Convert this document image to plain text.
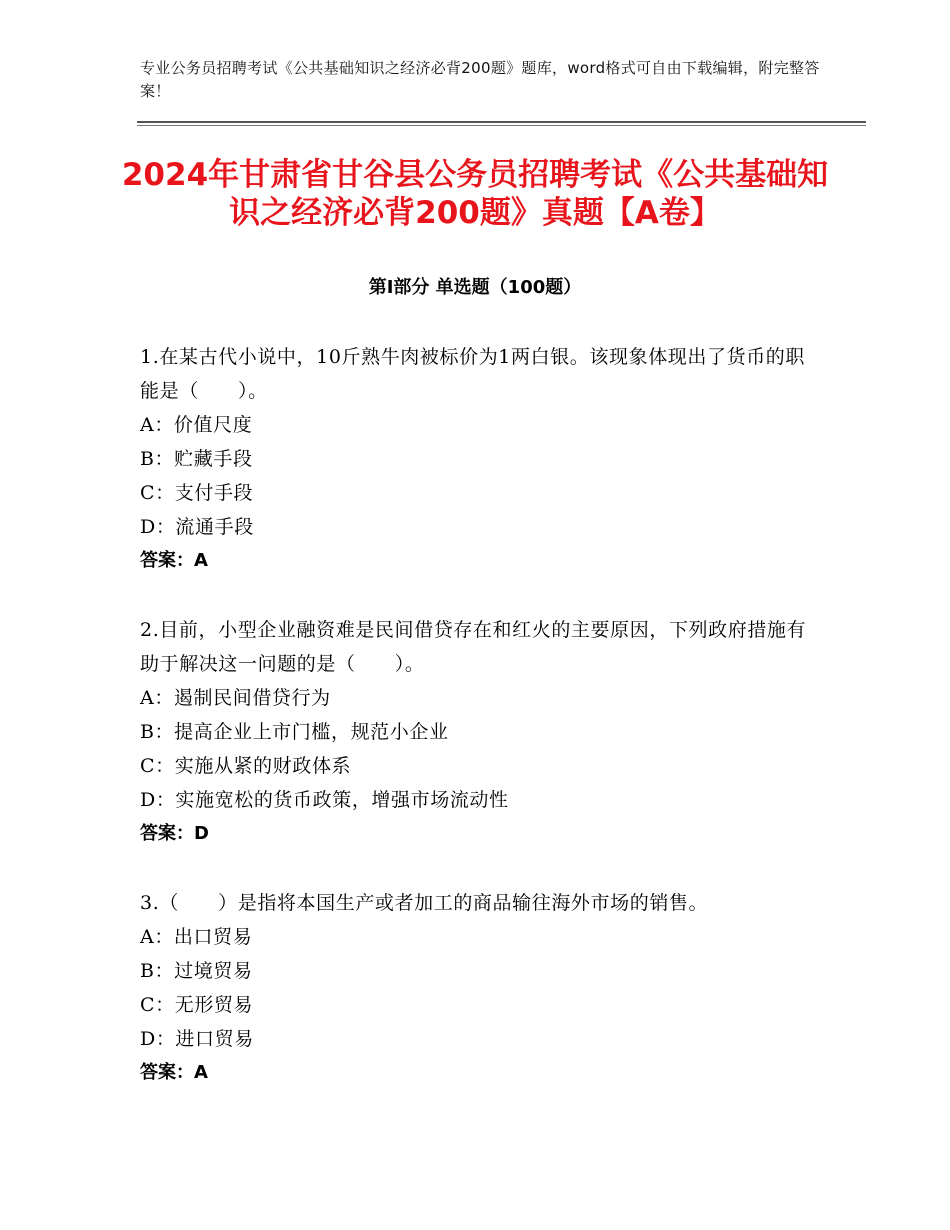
专业公务员招聘考试《公共基础知识之经济必背200题》题库，word格式可自由下载编辑，附完整答案！
2024年甘肃省甘谷县公务员招聘考试《公共基础知识之经济必背200题》真题【A卷】
第Ⅰ部分 单选题（100题）
1.在某古代小说中，10斤熟牛肉被标价为1两白银。该现象体现出了货币的职能是（　　）。
A：价值尺度
B：贮藏手段
C：支付手段
D：流通手段
答案：A
2.目前，小型企业融资难是民间借贷存在和红火的主要原因，下列政府措施有助于解决这一问题的是（　　）。
A：遏制民间借贷行为
B：提高企业上市门槛，规范小企业
C：实施从紧的财政体系
D：实施宽松的货币政策，增强市场流动性
答案：D
3.（　　）是指将本国生产或者加工的商品输往海外市场的销售。
A：出口贸易
B：过境贸易
C：无形贸易
D：进口贸易
答案：A
